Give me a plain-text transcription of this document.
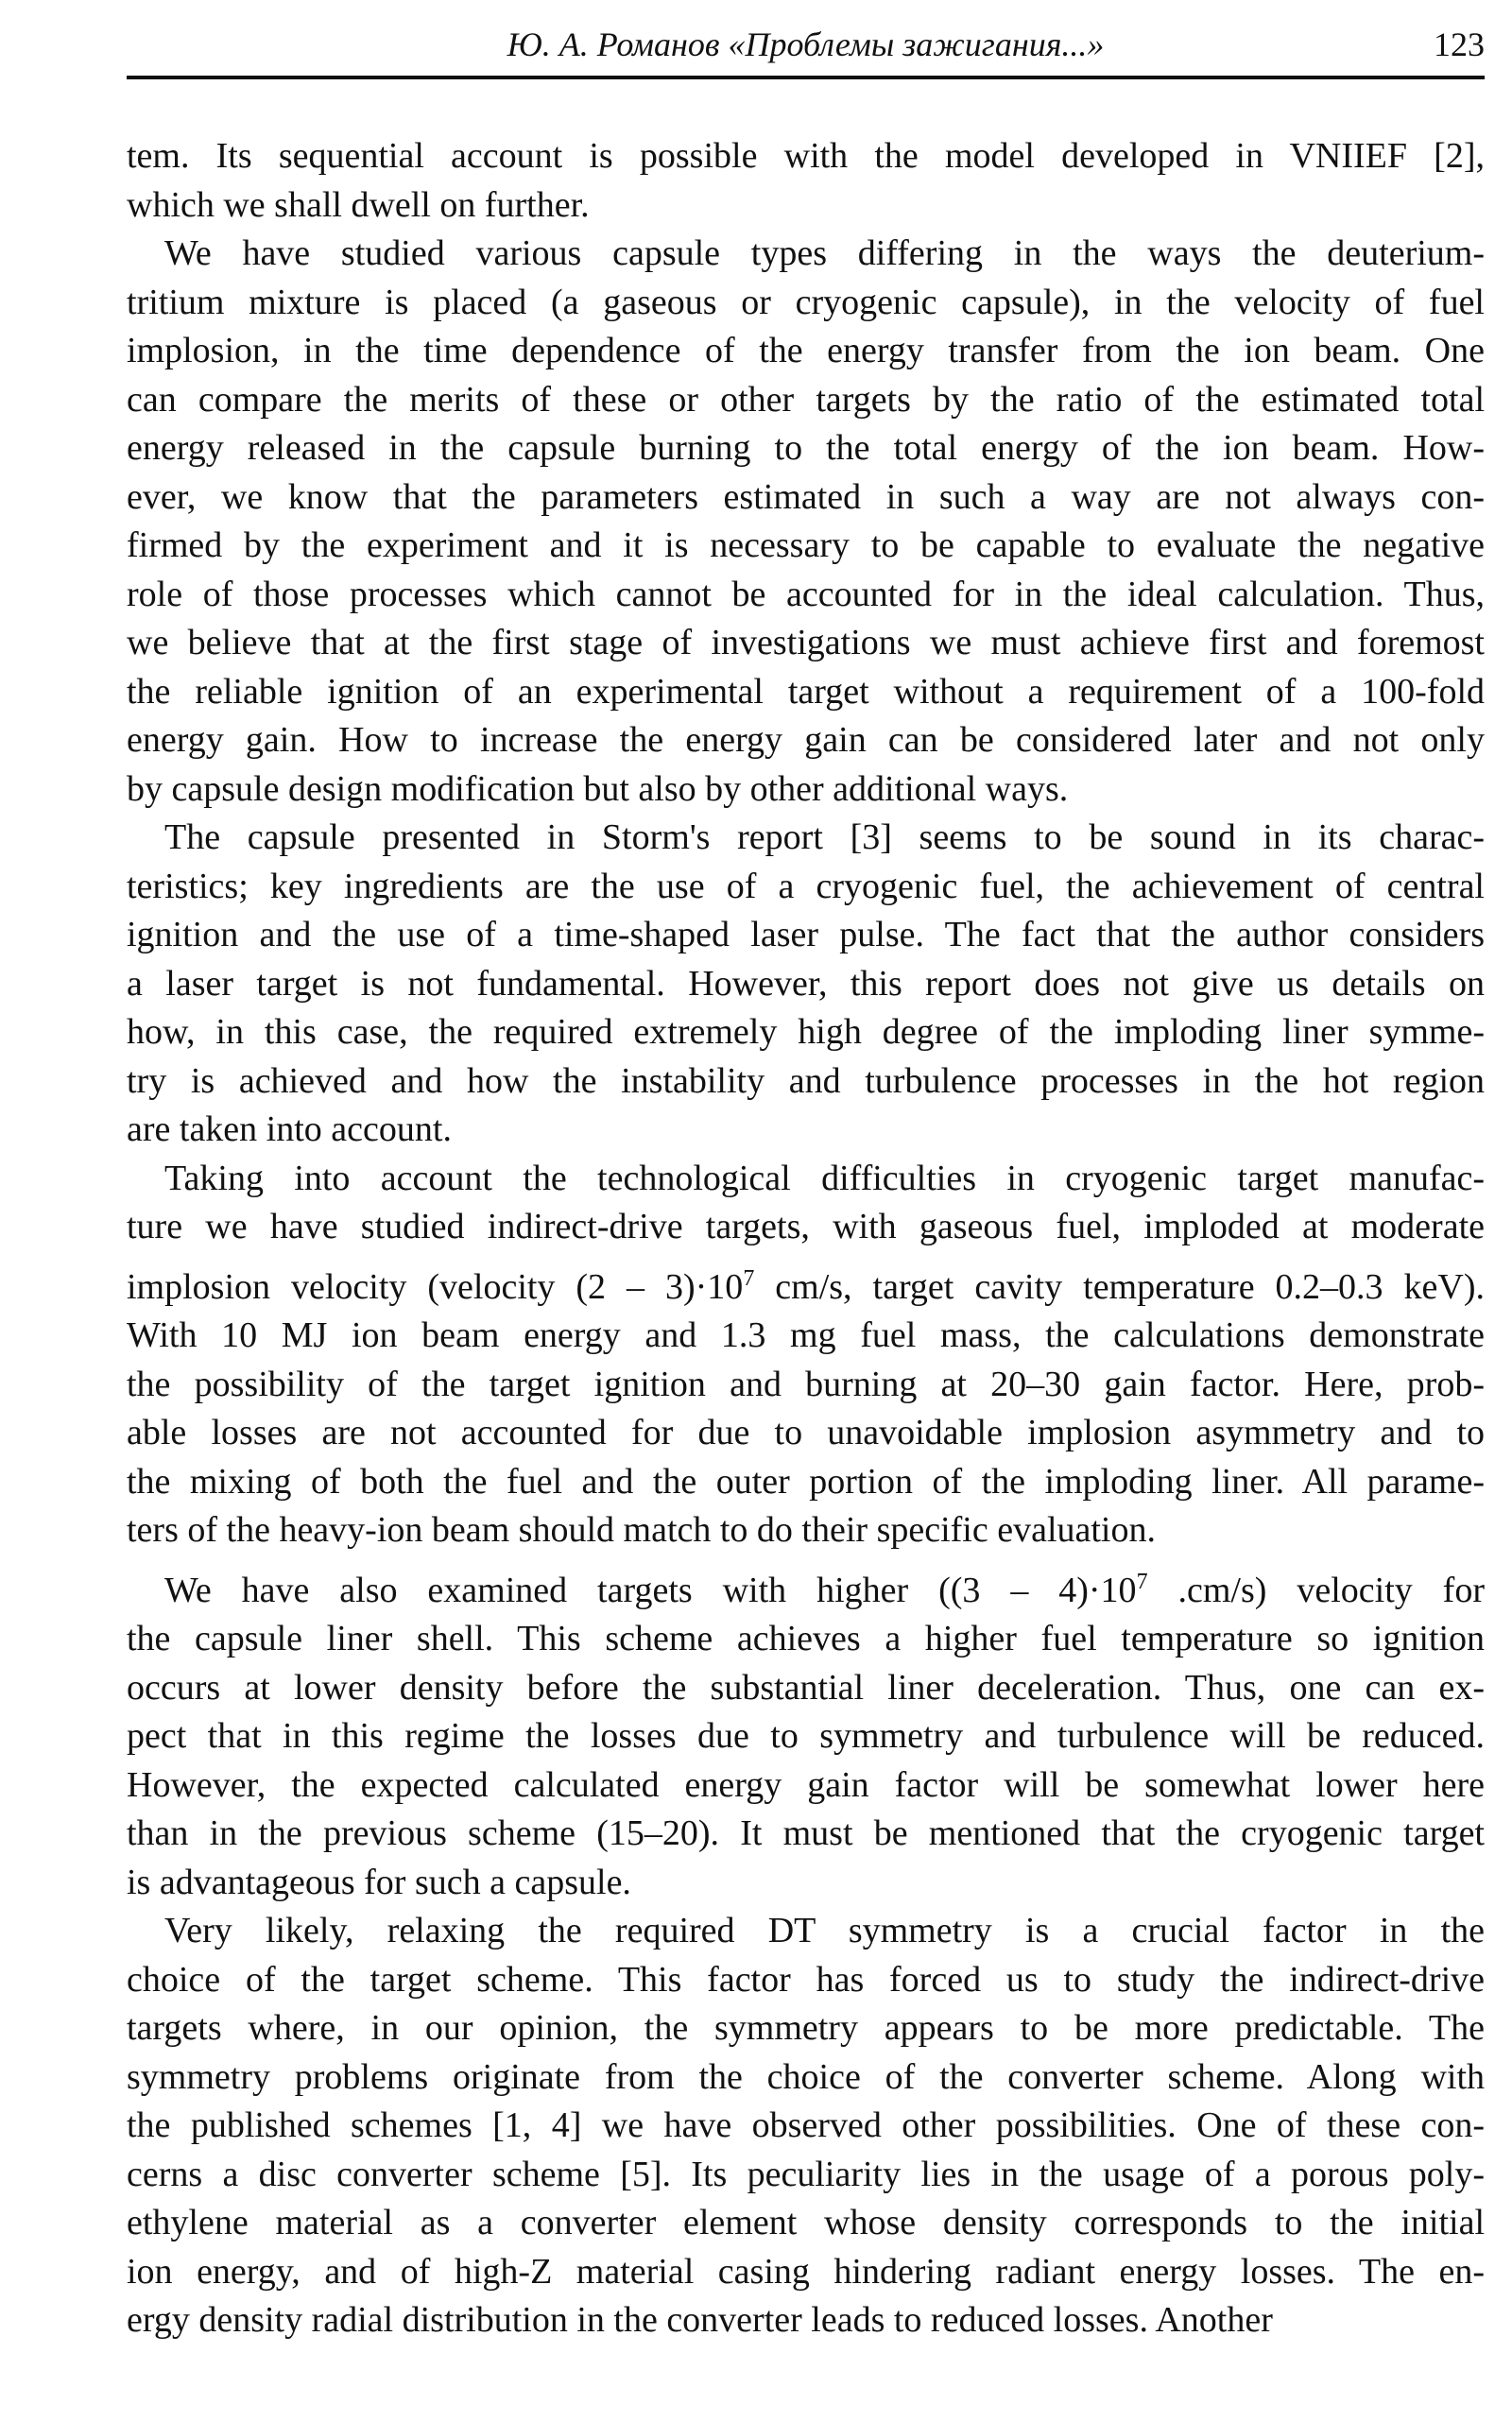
Ю. А. Романов «Проблемы зажигания...»	123
tem. Its sequential account is possible with the model developed in VNIIEF [2],
which we shall dwell on further.
We have studied various capsule types differing in the ways the deuterium-
tritium mixture is placed (a gaseous or cryogenic capsule), in the velocity of fuel
implosion, in the time dependence of the energy transfer from the ion beam. One
can compare the merits of these or other targets by the ratio of the estimated total
energy released in the capsule burning to the total energy of the ion beam. How-
ever, we know that the parameters estimated in such a way are not always con-
firmed by the experiment and it is necessary to be capable to evaluate the negative
role of those processes which cannot be accounted for in the ideal calculation. Thus,
we believe that at the first stage of investigations we must achieve first and foremost
the reliable ignition of an experimental target without a requirement of a 100-fold
energy gain. How to increase the energy gain can be considered later and not only
by capsule design modification but also by other additional ways.
The capsule presented in Storm's report [3] seems to be sound in its charac-
teristics; key ingredients are the use of a cryogenic fuel, the achievement of central
ignition and the use of a time-shaped laser pulse. The fact that the author considers
a laser target is not fundamental. However, this report does not give us details on
how, in this case, the required extremely high degree of the imploding liner symme-
try is achieved and how the instability and turbulence processes in the hot region
are taken into account.
Taking into account the technological difficulties in cryogenic target manufac-
ture we have studied indirect-drive targets, with gaseous fuel, imploded at moderate
implosion velocity (velocity $(2 - 3)\cdot 10^7$ cm/s, target cavity temperature 0.2–0.3 keV).
With 10 MJ ion beam energy and 1.3 mg fuel mass, the calculations demonstrate
the possibility of the target ignition and burning at 20–30 gain factor. Here, prob-
able losses are not accounted for due to unavoidable implosion asymmetry and to
the mixing of both the fuel and the outer portion of the imploding liner. All parame-
ters of the heavy-ion beam should match to do their specific evaluation.
We have also examined targets with higher ($(3 - 4)\cdot 10^7$ .cm/s) velocity for
the capsule liner shell. This scheme achieves a higher fuel temperature so ignition
occurs at lower density before the substantial liner deceleration. Thus, one can ex-
pect that in this regime the losses due to symmetry and turbulence will be reduced.
However, the expected calculated energy gain factor will be somewhat lower here
than in the previous scheme (15–20). It must be mentioned that the cryogenic target
is advantageous for such a capsule.
Very likely, relaxing the required DT symmetry is a crucial factor in the
choice of the target scheme. This factor has forced us to study the indirect-drive
targets where, in our opinion, the symmetry appears to be more predictable. The
symmetry problems originate from the choice of the converter scheme. Along with
the published schemes [1, 4] we have observed other possibilities. One of these con-
cerns a disc converter scheme [5]. Its peculiarity lies in the usage of a porous poly-
ethylene material as a converter element whose density corresponds to the initial
ion energy, and of high-Z material casing hindering radiant energy losses. The en-
ergy density radial distribution in the converter leads to reduced losses. Another
